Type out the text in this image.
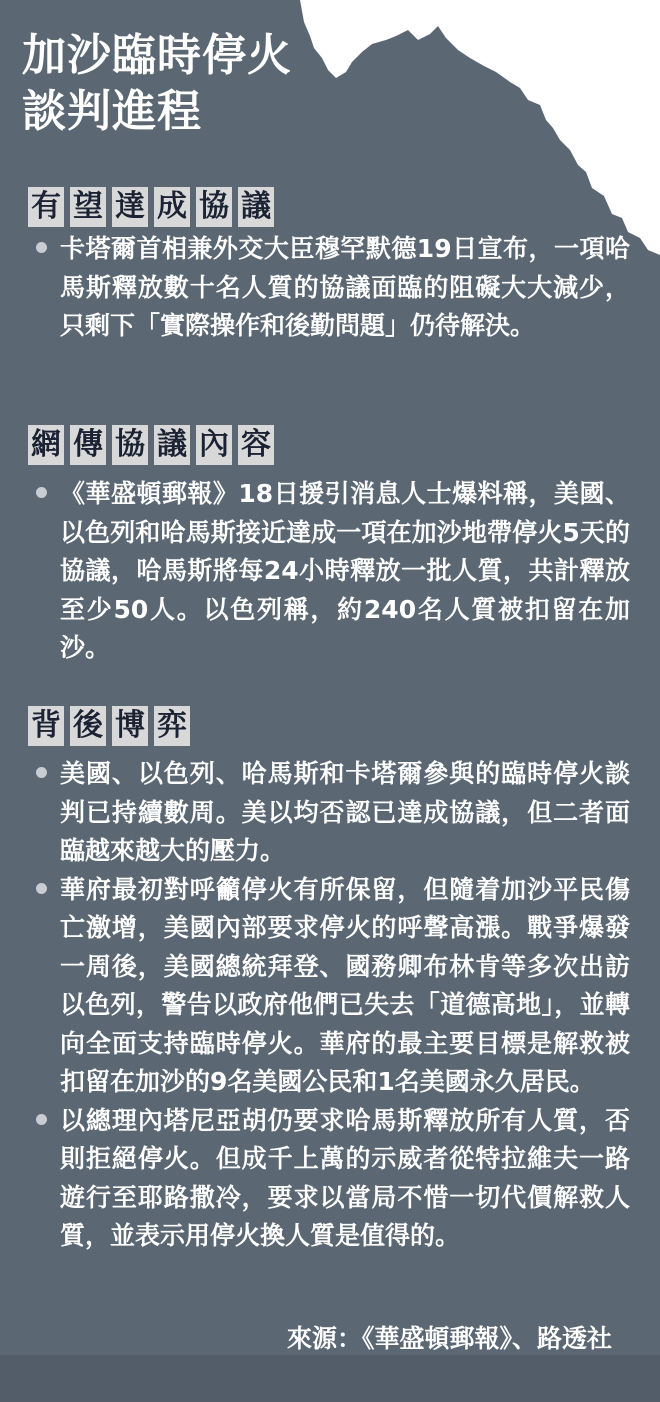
加沙臨時停火
談判進程
有 望 達 成 協 議

卡塔爾首相兼外交大臣穆罕默德19日宣布，一項哈馬斯釋放數十名人質的協議面臨的阻礙大大減少，只剩下「實際操作和後勤問題」仍待解決。

網 傳 協 議 內 容

《華盛頓郵報》18日援引消息人士爆料稱，美國、以色列和哈馬斯接近達成一項在加沙地帶停火5天的協議，哈馬斯將每24小時釋放一批人質，共計釋放至少50人。以色列稱，約240名人質被扣留在加沙。

背 後 博 弈

美國、以色列、哈馬斯和卡塔爾參與的臨時停火談判已持續數周。美以均否認已達成協議，但二者面臨越來越大的壓力。

華府最初對呼籲停火有所保留，但隨着加沙平民傷亡激增，美國內部要求停火的呼聲高漲。戰爭爆發一周後，美國總統拜登、國務卿布林肯等多次出訪以色列，警告以政府他們已失去「道德高地」，並轉向全面支持臨時停火。華府的最主要目標是解救被扣留在加沙的9名美國公民和1名美國永久居民。

以總理內塔尼亞胡仍要求哈馬斯釋放所有人質，否則拒絕停火。但成千上萬的示威者從特拉維夫一路遊行至耶路撒冷，要求以當局不惜一切代價解救人質，並表示用停火換人質是值得的。

來源：《華盛頓郵報》、路透社
